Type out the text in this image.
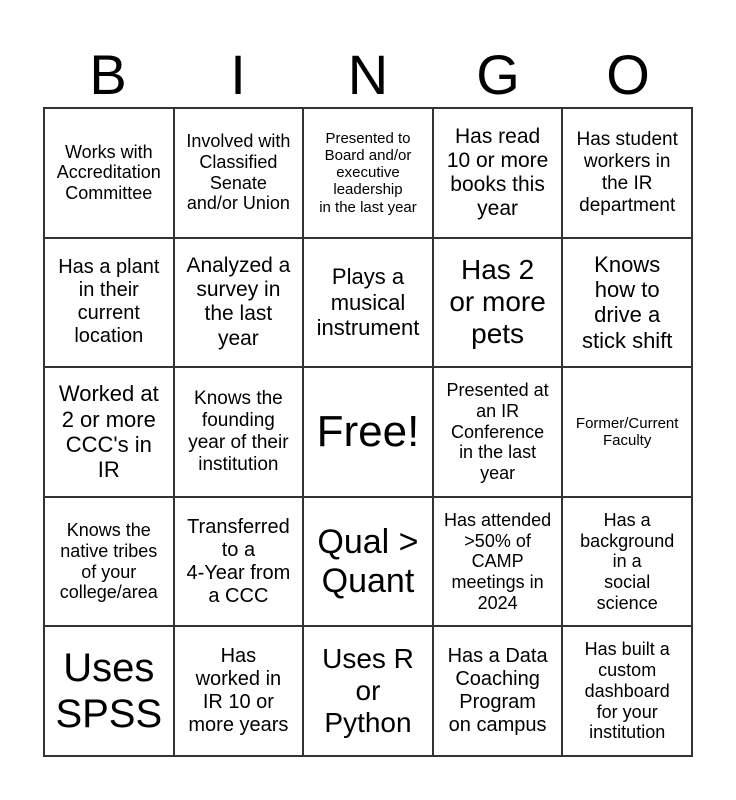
B	I	N	G	O
Works with
Accreditation
Committee
Involved with
Classified
Senate
and/or Union
Presented to
Board and/or
executive
leadership
in the last year
Has read
10 or more
books this
year
Has student
workers in
the IR
department
Has a plant
in their
current
location
Analyzed a
survey in
the last
year
Plays a
musical
instrument
Has 2
or more
pets
Knows
how to
drive a
stick shift
Worked at
2 or more
CCC's in
IR
Knows the
founding
year of their
institution
Free!
Presented at
an IR
Conference
in the last
year
Former/Current
Faculty
Knows the
native tribes
of your
college/area
Transferred
to a
4-Year from
a CCC
Qual >
Quant
Has attended
>50% of
CAMP
meetings in
2024
Has a
background
in a
social
science
Uses
SPSS
Has
worked in
IR 10 or
more years
Uses R
or
Python
Has a Data
Coaching
Program
on campus
Has built a
custom
dashboard
for your
institution
